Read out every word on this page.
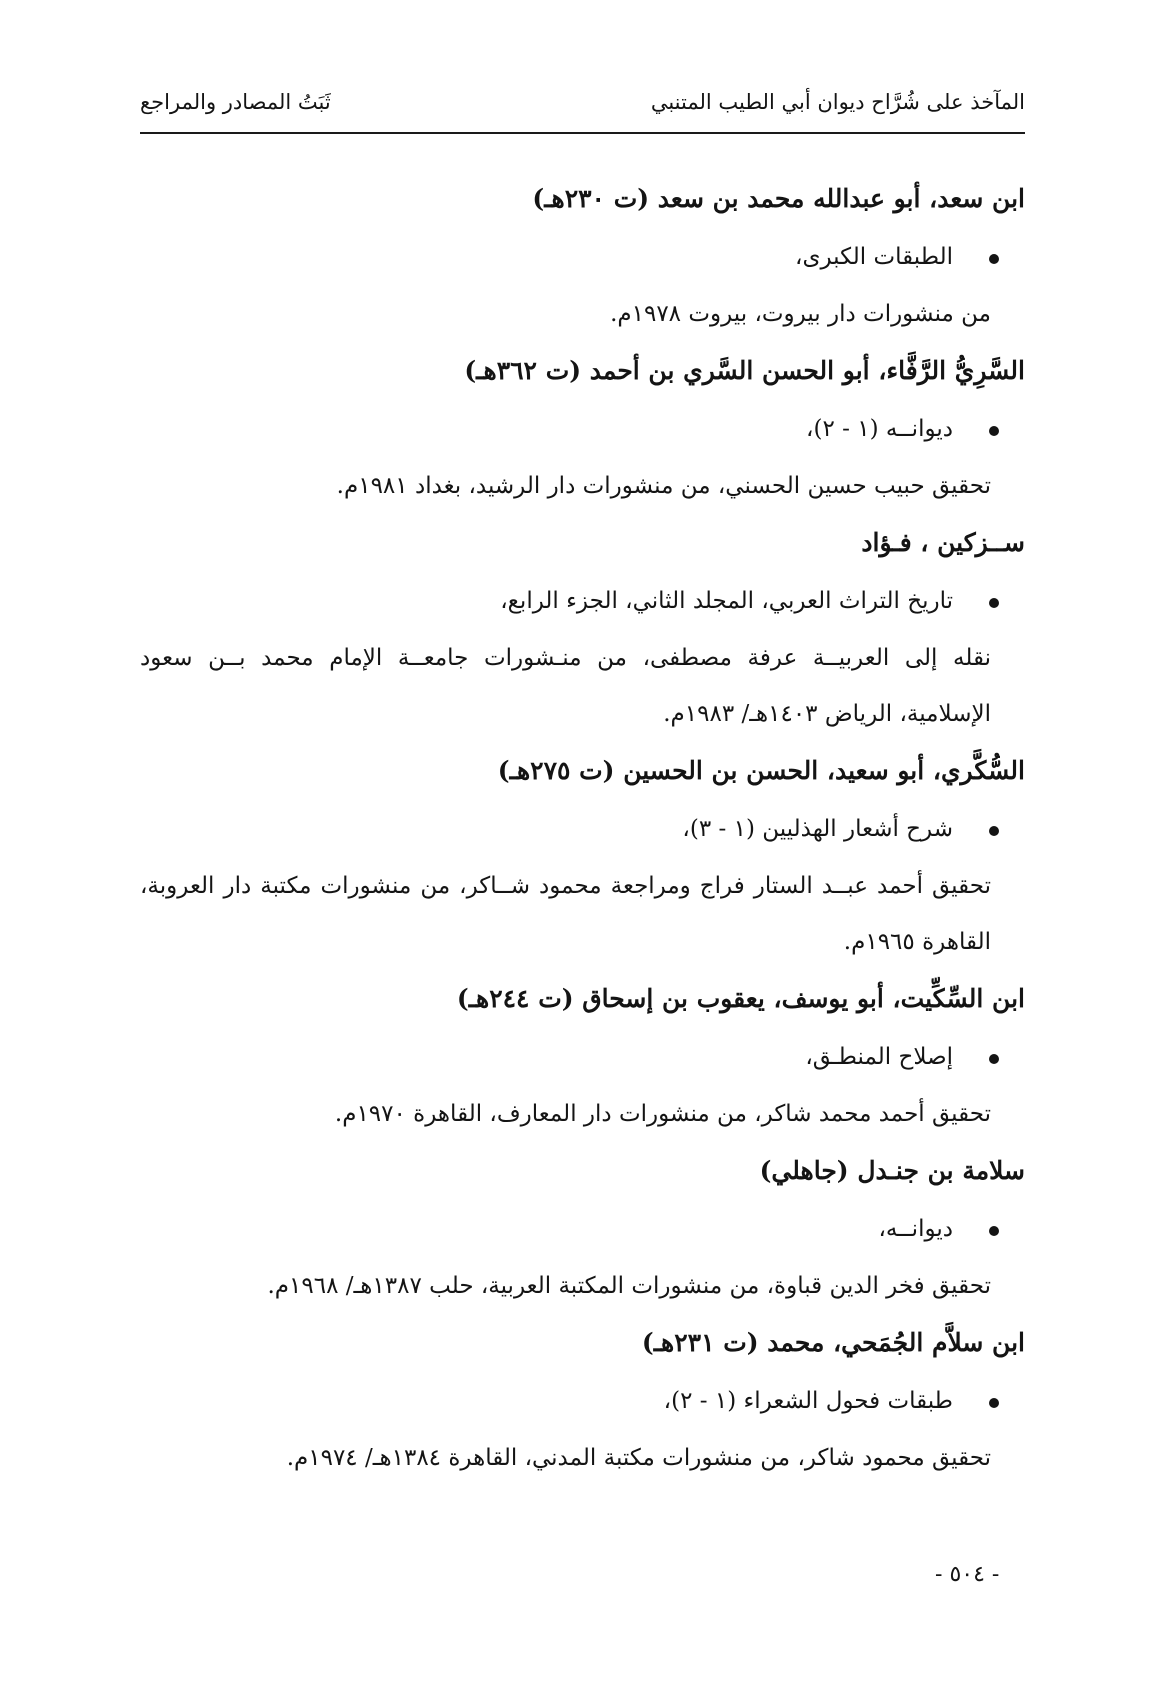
المآخذ على شُرَّاح ديوان أبي الطيب المتنبي
ثَبَتُ المصادر والمراجع
ابن سعد، أبو عبدالله محمد بن سعد (ت ٢٣٠هـ)
الطبقات الكبرى،
من منشورات دار بيروت، بيروت ١٩٧٨م.
السَّرِيُّ الرَّفَّاء، أبو الحسن السَّري بن أحمد (ت ٣٦٢هـ)
ديوانــه (١ - ٢)،
تحقيق حبيب حسين الحسني، من منشورات دار الرشيد، بغداد ١٩٨١م.
ســزكين ، فـؤاد
تاريخ التراث العربي، المجلد الثاني، الجزء الرابع،
نقله إلى العربيــة عرفة مصطفى، من منـشورات جامعــة الإمام محمد بــن سعود الإسلامية، الرياض ١٤٠٣هـ/ ١٩٨٣م.
السُّكَّري، أبو سعيد، الحسن بن الحسين (ت ٢٧٥هـ)
شرح أشعار الهذليين (١ - ٣)،
تحقيق أحمد عبــد الستار فراج ومراجعة محمود شــاكر، من منشورات مكتبة دار العروبة، القاهرة ١٩٦٥م.
ابن السِّكِّيت، أبو يوسف، يعقوب بن إسحاق (ت ٢٤٤هـ)
إصلاح المنطـق،
تحقيق أحمد محمد شاكر، من منشورات دار المعارف، القاهرة ١٩٧٠م.
سلامة بن جنـدل (جاهلي)
ديوانــه،
تحقيق فخر الدين قباوة، من منشورات المكتبة العربية، حلب ١٣٨٧هـ/ ١٩٦٨م.
ابن سلاَّم الجُمَحي، محمد (ت ٢٣١هـ)
طبقات فحول الشعراء (١ - ٢)،
تحقيق محمود شاكر، من منشورات مكتبة المدني، القاهرة ١٣٨٤هـ/ ١٩٧٤م.
- ٥٠٤ -
